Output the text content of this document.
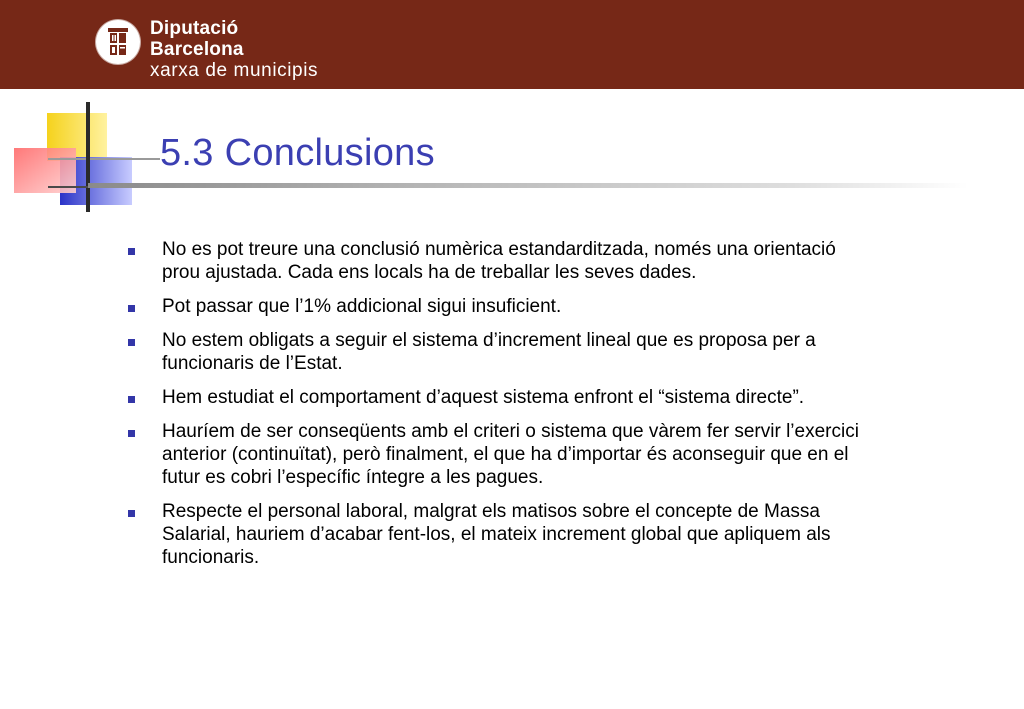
Diputació
Barcelona
xarxa de municipis
5.3 Conclusions
No es pot treure una conclusió numèrica estandarditzada, només una orientació prou ajustada. Cada ens locals ha de treballar les seves dades.
Pot passar que l’1% addicional sigui insuficient.
No estem obligats a seguir el sistema d’increment lineal que es proposa per a funcionaris de l’Estat.
Hem estudiat el comportament d’aquest sistema enfront el “sistema directe”.
Hauríem de ser conseqüents amb el criteri o sistema que vàrem fer servir l’exercici anterior (continuïtat), però finalment, el que ha d’importar és aconseguir que en el futur es cobri l’específic íntegre a les pagues.
Respecte el personal laboral, malgrat els matisos sobre el concepte de Massa Salarial, hauriem d’acabar fent-los, el mateix increment global que apliquem als funcionaris.
